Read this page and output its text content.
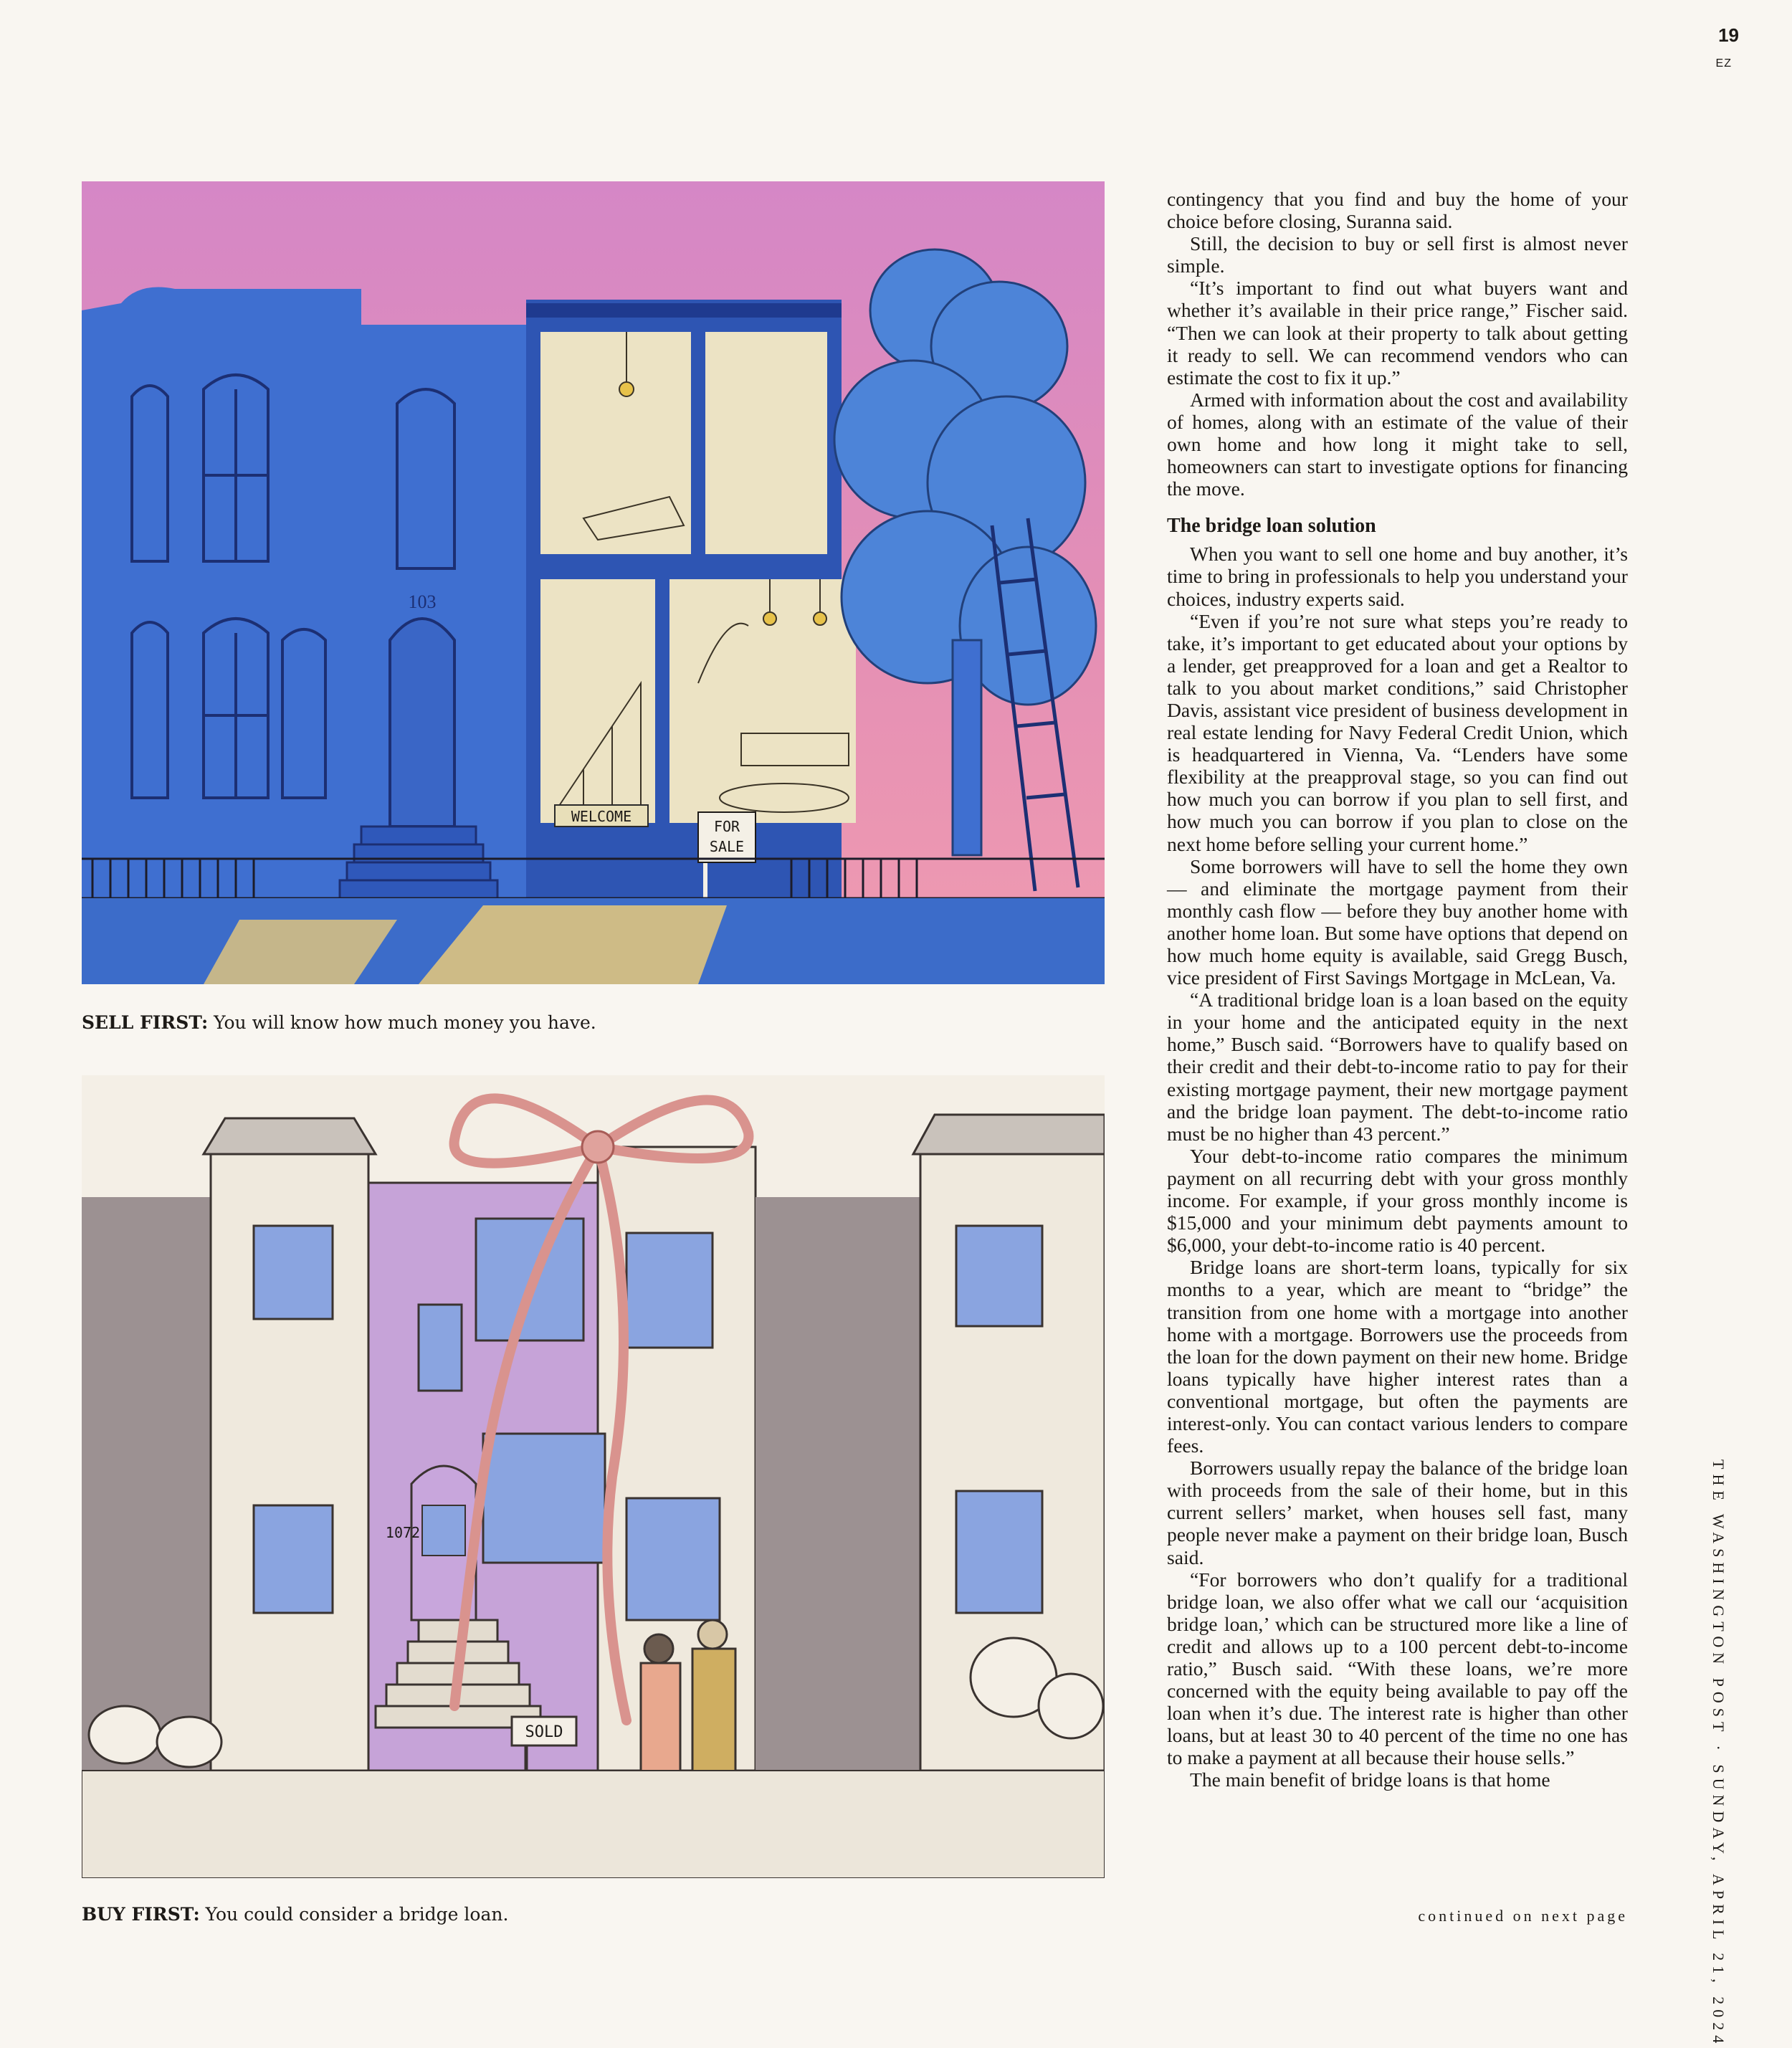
19
EZ
103
WELCOME
FOR
SALE
SELL FIRST: You will know how much money you have.
1072
SOLD
BUY FIRST: You could consider a bridge loan.

contingency that you find and buy the home of your choice before closing, Suranna said.

Still, the decision to buy or sell first is almost never simple.

“It’s important to find out what buyers want and whether it’s available in their price range,” Fischer said. “Then we can look at their property to talk about getting it ready to sell. We can recommend vendors who can estimate the cost to fix it up.”

Armed with information about the cost and availability of homes, along with an estimate of the value of their own home and how long it might take to sell, homeowners can start to investigate options for financing the move.

The bridge loan solution

When you want to sell one home and buy another, it’s time to bring in professionals to help you understand your choices, industry experts said.

“Even if you’re not sure what steps you’re ready to take, it’s important to get educated about your options by a lender, get preapproved for a loan and get a Realtor to talk to you about market conditions,” said Christopher Davis, assistant vice president of business development in real estate lending for Navy Federal Credit Union, which is headquartered in Vienna, Va. “Lenders have some flexibility at the preapproval stage, so you can find out how much you can borrow if you plan to sell first, and how much you can borrow if you plan to close on the next home before selling your current home.”

Some borrowers will have to sell the home they own — and eliminate the mortgage payment from their monthly cash flow — before they buy another home with another home loan. But some have options that depend on how much home equity is available, said Gregg Busch, vice president of First Savings Mortgage in McLean, Va.

“A traditional bridge loan is a loan based on the equity in your home and the anticipated equity in the next home,” Busch said. “Borrowers have to qualify based on their credit and their debt-to-income ratio to pay for their existing mortgage payment, their new mortgage payment and the bridge loan payment. The debt-to-income ratio must be no higher than 43 percent.”

Your debt-to-income ratio compares the minimum payment on all recurring debt with your gross monthly income. For example, if your gross monthly income is $15,000 and your minimum debt payments amount to $6,000, your debt-to-income ratio is 40 percent.

Bridge loans are short-term loans, typically for six months to a year, which are meant to “bridge” the transition from one home with a mortgage into another home with a mortgage. Borrowers use the proceeds from the loan for the down payment on their new home. Bridge loans typically have higher interest rates than a conventional mortgage, but often the payments are interest-only. You can contact various lenders to compare fees.

Borrowers usually repay the balance of the bridge loan with proceeds from the sale of their home, but in this current sellers’ market, when houses sell fast, many people never make a payment on their bridge loan, Busch said.

“For borrowers who don’t qualify for a traditional bridge loan, we also offer what we call our ‘acquisition bridge loan,’ which can be structured more like a line of credit and allows up to a 100 percent debt-to-income ratio,” Busch said. “With these loans, we’re more concerned with the equity being available to pay off the loan when it’s due. The interest rate is higher than other loans, but at least 30 to 40 percent of the time no one has to make a payment at all because their house sells.”

The main benefit of bridge loans is that home

continued on next page	THE WASHINGTON POST · SUNDAY, APRIL 21, 2024
